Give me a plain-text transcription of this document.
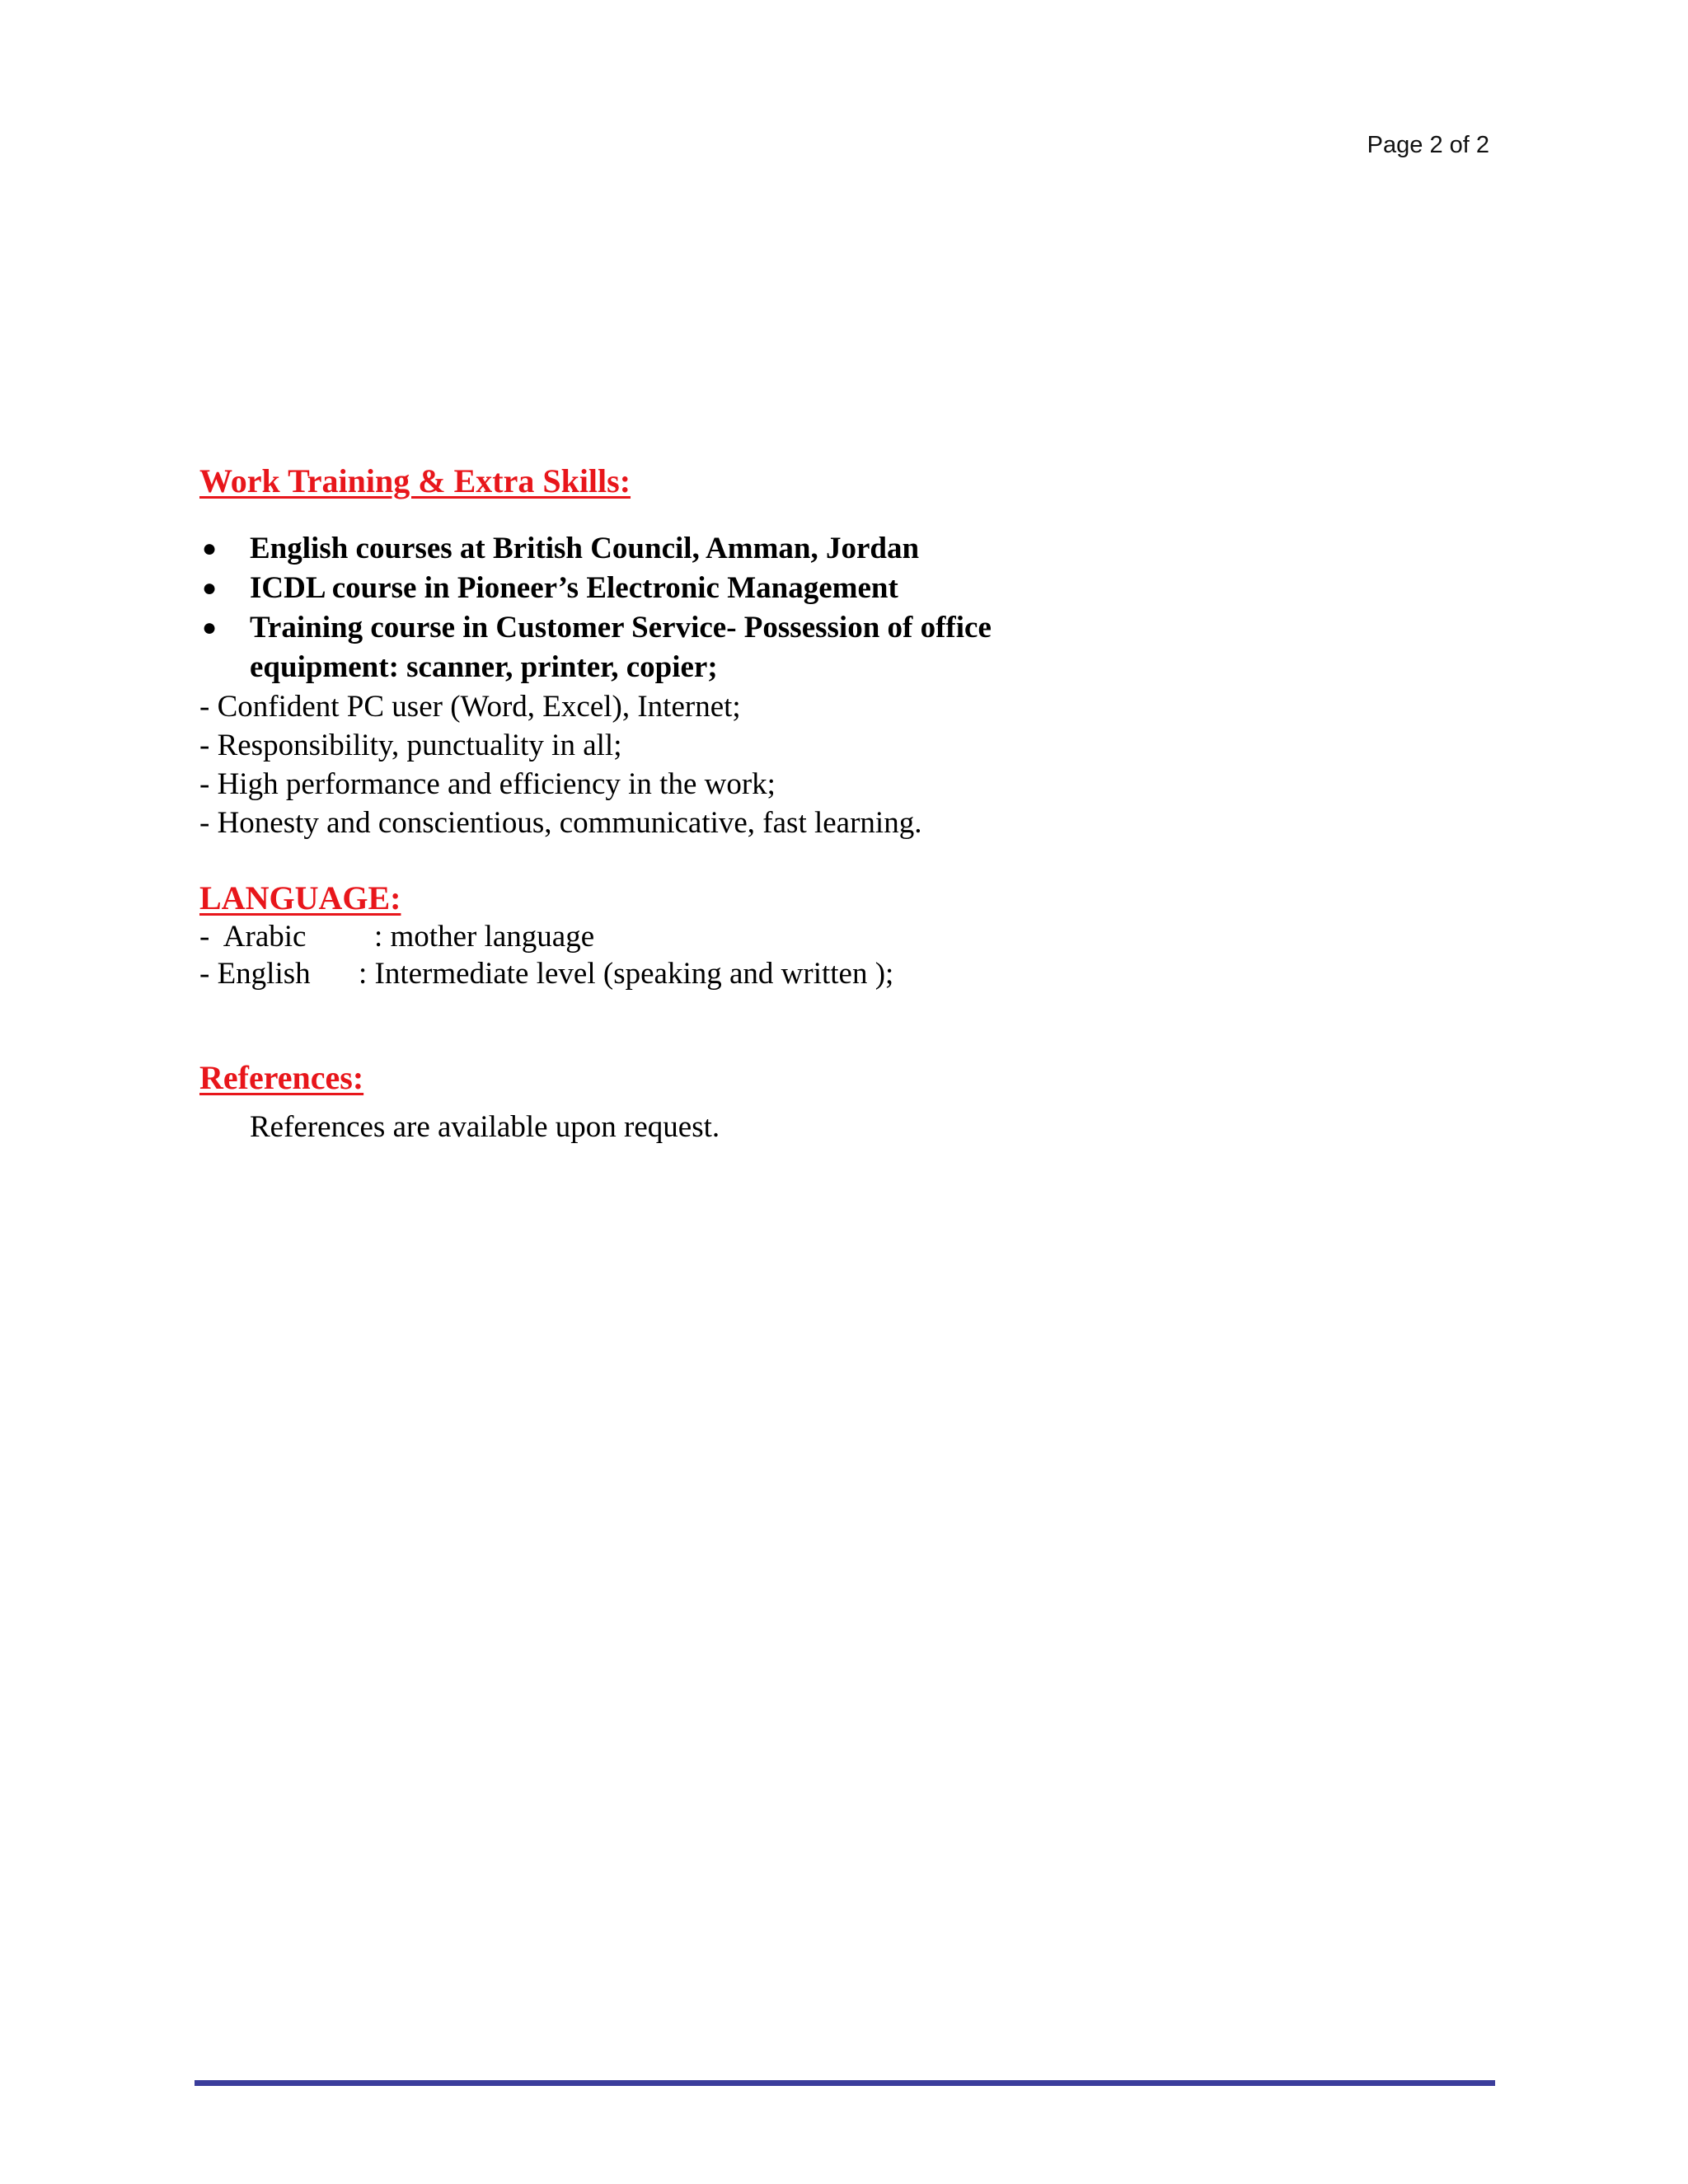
Page 2 of 2
Work Training & Extra Skills:
● English courses at British Council, Amman, Jordan
● ICDL course in Pioneer’s Electronic Management
● Training course in Customer Service- Possession of office equipment: scanner, printer, copier;
- Confident PC user (Word, Excel), Internet;
- Responsibility, punctuality in all;
- High performance and efficiency in the work;
- Honesty and conscientious, communicative, fast learning.
LANGUAGE:
-  Arabic : mother language
- English : Intermediate level (speaking and written );
References:
References are available upon request.
